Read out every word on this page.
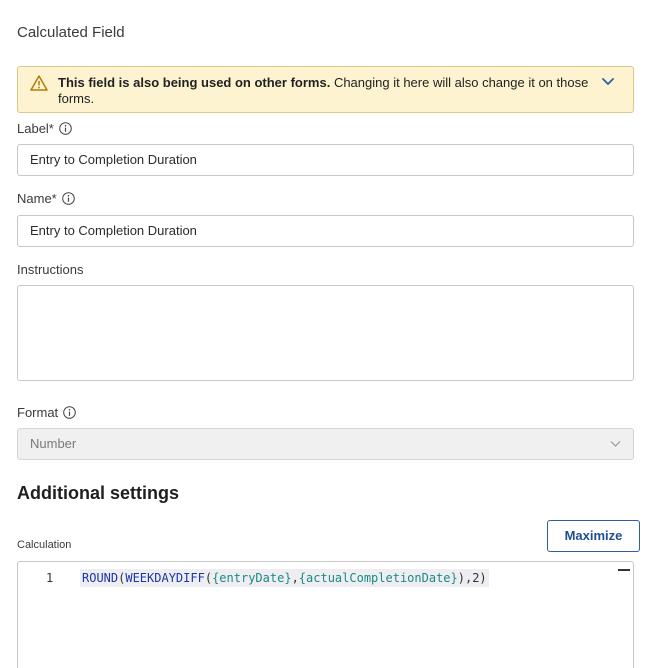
Calculated Field
This field is also being used on other forms. Changing it here will also change it on those forms.
Label*
Entry to Completion Duration
Name*
Entry to Completion Duration
Instructions
Format
Number
Additional settings
Calculation
Maximize
1 ROUND(WEEKDAYDIFF({entryDate},{actualCompletionDate}),2)
